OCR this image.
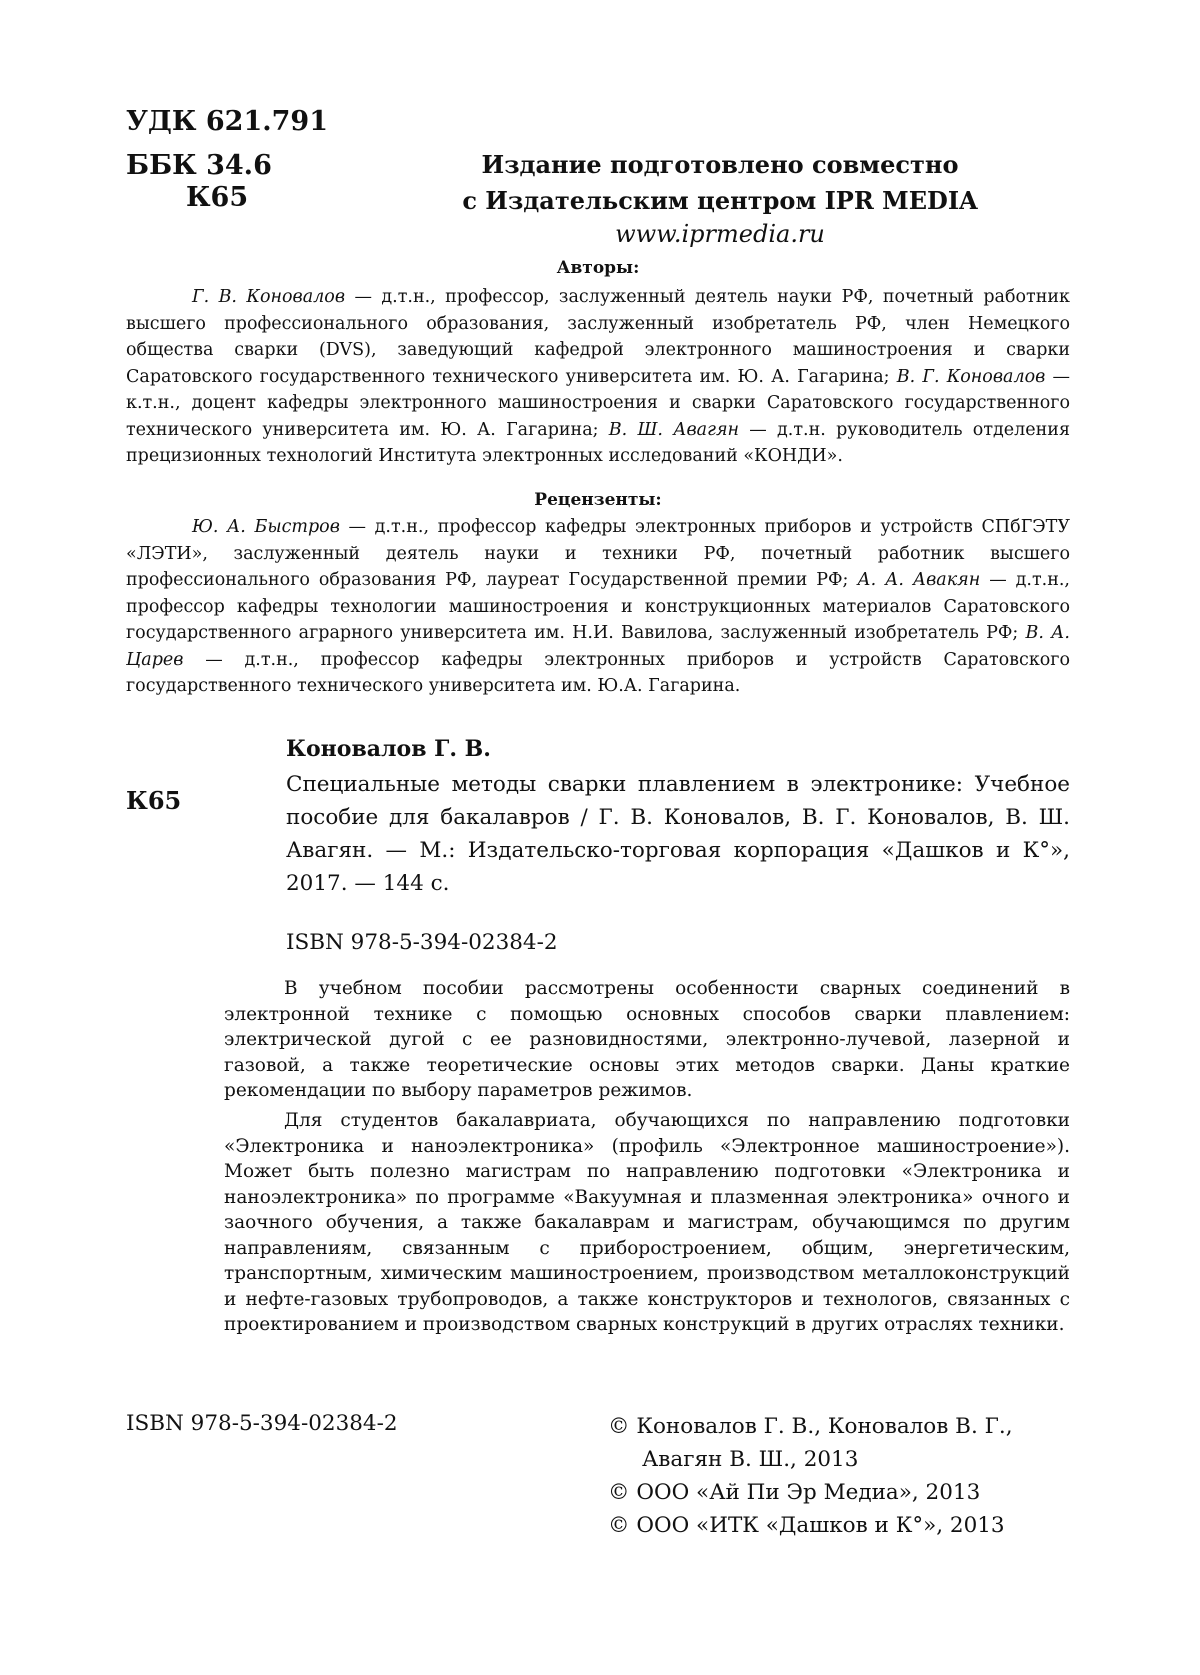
УДК 621.791
ББК 34.6
К65
Издание подготовлено совместно
с Издательским центром IPR MEDIA
www.iprmedia.ru
Авторы:
Г. В. Коновалов — д.т.н., профессор, заслуженный деятель науки РФ, почетный работник высшего профессионального образования, заслуженный изобретатель РФ, член Немецкого общества сварки (DVS), заведующий кафедрой электронного машиностроения и сварки Саратовского государственного технического университета им. Ю. А. Гагарина; В. Г. Коновалов — к.т.н., доцент кафедры электронного машиностроения и сварки Саратовского государственного технического университета им. Ю. А. Гагарина; В. Ш. Авагян — д.т.н. руководитель отделения прецизионных технологий Института электронных исследований «КОНДИ».
Рецензенты:
Ю. А. Быстров — д.т.н., профессор кафедры электронных приборов и устройств СПбГЭТУ «ЛЭТИ», заслуженный деятель науки и техники РФ, почетный работник высшего профессионального образования РФ, лауреат Государственной премии РФ; А. А. Авакян — д.т.н., профессор кафедры технологии машиностроения и конструкционных материалов Саратовского государственного аграрного университета им. Н.И. Вавилова, заслуженный изобретатель РФ; В. А. Царев — д.т.н., профессор кафедры электронных приборов и устройств Саратовского государственного технического университета им. Ю.А. Гагарина.
Коновалов Г. В.
К65
Специальные методы сварки плавлением в электронике: Учебное пособие для бакалавров / Г. В. Коновалов, В. Г. Коновалов, В. Ш. Авагян. — М.: Издательско-торговая корпорация «Дашков и К°», 2017. — 144 с.
ISBN 978-5-394-02384-2

В учебном пособии рассмотрены особенности сварных соединений в электронной технике с помощью основных способов сварки плавлением: электрической дугой с ее разновидностями, электронно-лучевой, лазерной и газовой, а также теоретические основы этих методов сварки. Даны краткие рекомендации по выбору параметров режимов.

Для студентов бакалавриата, обучающихся по направлению подготовки «Электроника и наноэлектроника» (профиль «Электронное машиностроение»). Может быть полезно магистрам по направлению подготовки «Электроника и наноэлектроника» по программе «Вакуумная и плазменная электроника» очного и заочного обучения, а также бакалаврам и магистрам, обучающимся по другим направлениям, связанным с приборостроением, общим, энергетическим, транспортным, химическим машиностроением, производством металлоконструкций и нефте-газовых трубопроводов, а также конструкторов и технологов, связанных с проектированием и производством сварных конструкций в других отраслях техники.

ISBN 978-5-394-02384-2	© Коновалов Г. В., Коновалов В. Г.,
Авагян В. Ш., 2013
© ООО «Ай Пи Эр Медиа», 2013
© ООО «ИТК «Дашков и К°», 2013
